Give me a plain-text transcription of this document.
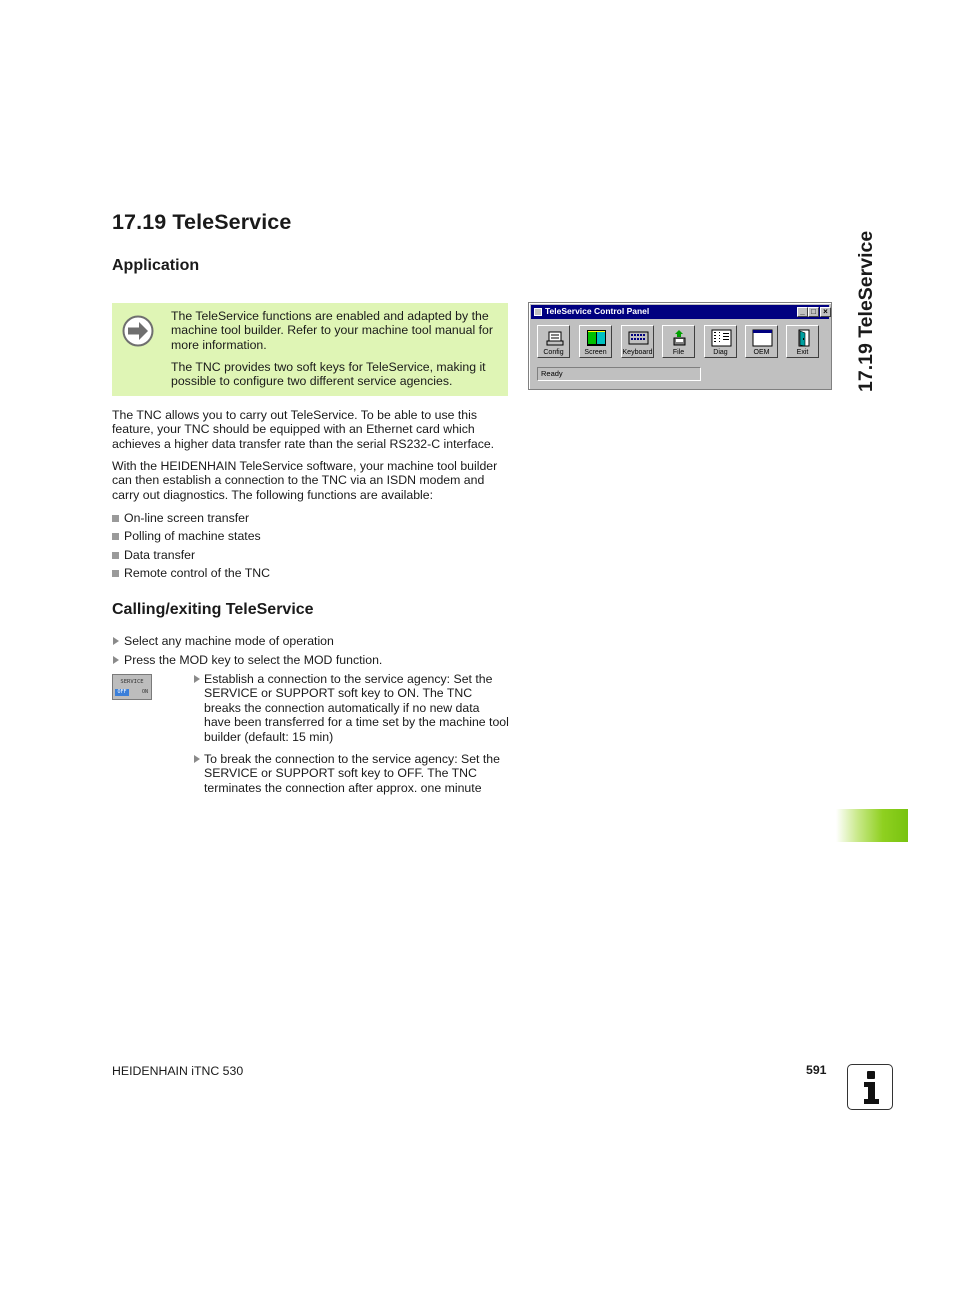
17.19 TeleService
Application

The TeleService functions are enabled and adapted by the machine tool builder. Refer to your machine tool manual for more information.

The TNC provides two soft keys for TeleService, making it possible to configure two different service agencies.

The TNC allows you to carry out TeleService. To be able to use this feature, your TNC should be equipped with an Ethernet card which achieves a higher data transfer rate than the serial RS232-C interface.

With the HEIDENHAIN TeleService software, your machine tool builder can then establish a connection to the TNC via an ISDN modem and carry out diagnostics. The following functions are available:

On-line screen transfer
Polling of machine states
Data transfer
Remote control of the TNC
Calling/exiting TeleService
Select any machine mode of operation
Press the MOD key to select the MOD function.
SERVICE
OFF	ON

Establish a connection to the service agency: Set the SERVICE or SUPPORT soft key to ON. The TNC breaks the connection automatically if no new data have been transferred for a time set by the machine tool builder (default: 15 min)

To break the connection to the service agency: Set the SERVICE or SUPPORT soft key to OFF. The TNC terminates the connection after approx. one minute

TeleService Control Panel	_ □ ×
Config	Screen	Keyboard	File	Diag	OEM	Exit
Ready	17.19 TeleService
HEIDENHAIN iTNC 530	591
